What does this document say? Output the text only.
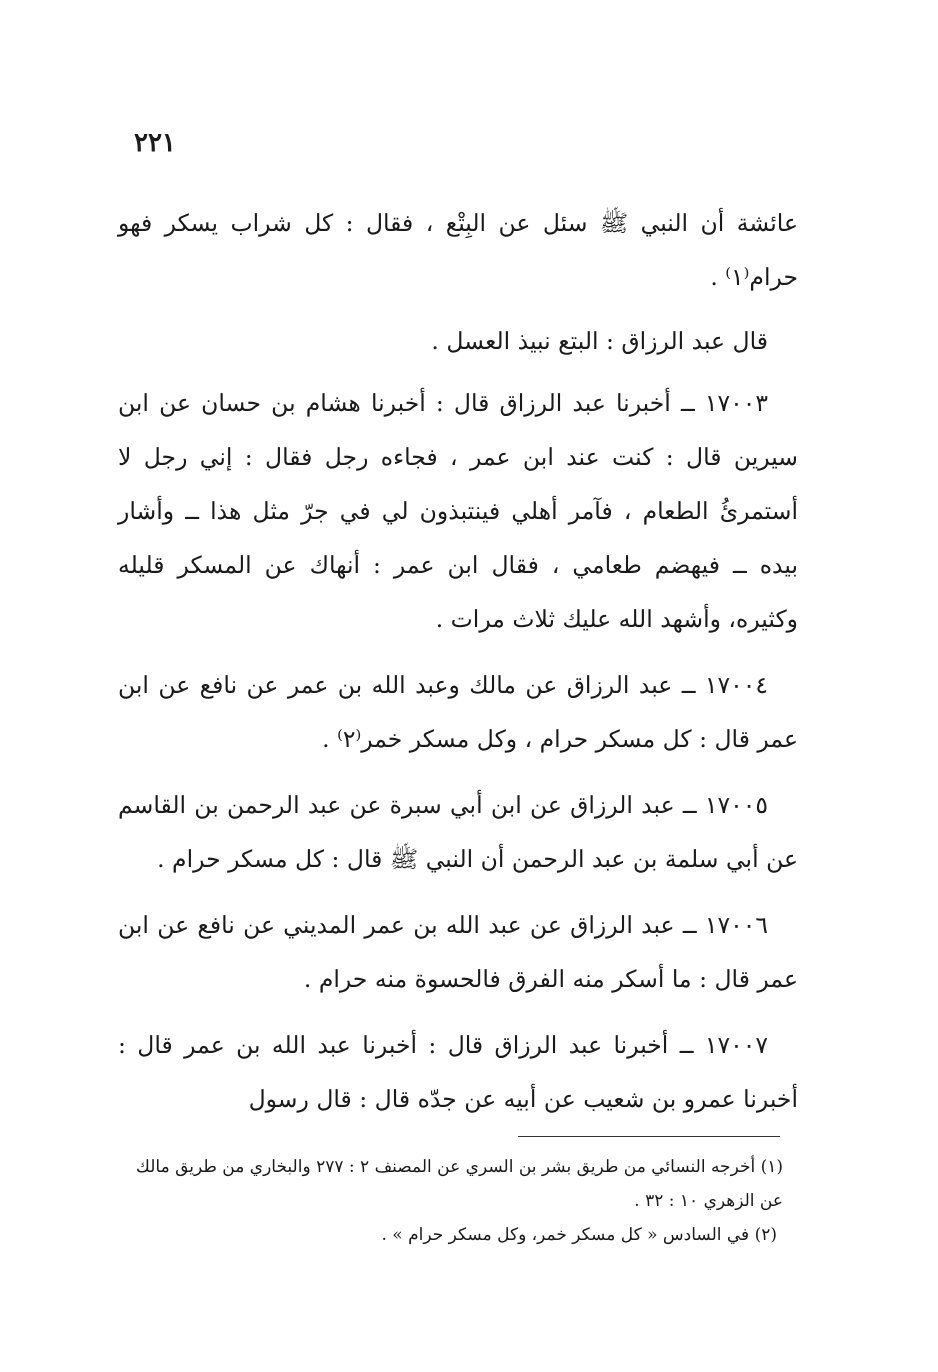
٢٢١

عائشة أن النبي ﷺ سئل عن البِتْع ، فقال : كل شراب يسكر فهو حرام⁽١⁾ .

قال عبد الرزاق : البتع نبيذ العسل .

١٧٠٠٣ ــ أخبرنا عبد الرزاق قال : أخبرنا هشام بن حسان عن ابن سيرين قال : كنت عند ابن عمر ، فجاءه رجل فقال : إني رجل لا أستمرئُ الطعام ، فآمر أهلي فينتبذون لي في جرّ مثل هذا ــ وأشار بيده ــ فيهضم طعامي ، فقال ابن عمر : أنهاك عن المسكر قليله وكثيره، وأشهد الله عليك ثلاث مرات .

١٧٠٠٤ ــ عبد الرزاق عن مالك وعبد الله بن عمر عن نافع عن ابن عمر قال : كل مسكر حرام ، وكل مسكر خمر⁽٢⁾ .

١٧٠٠٥ ــ عبد الرزاق عن ابن أبي سبرة عن عبد الرحمن بن القاسم عن أبي سلمة بن عبد الرحمن أن النبي ﷺ قال : كل مسكر حرام .

١٧٠٠٦ ــ عبد الرزاق عن عبد الله بن عمر المديني عن نافع عن ابن عمر قال : ما أسكر منه الفرق فالحسوة منه حرام .

١٧٠٠٧ ــ أخبرنا عبد الرزاق قال : أخبرنا عبد الله بن عمر قال : أخبرنا عمرو بن شعيب عن أبيه عن جدّه قال : قال رسول

(١) أخرجه النسائي من طريق بشر بن السري عن المصنف ٢ : ٢٧٧ والبخاري من طريق مالك عن الزهري ١٠ : ٣٢ .

(٢) في السادس « كل مسكر خمر، وكل مسكر حرام » .
